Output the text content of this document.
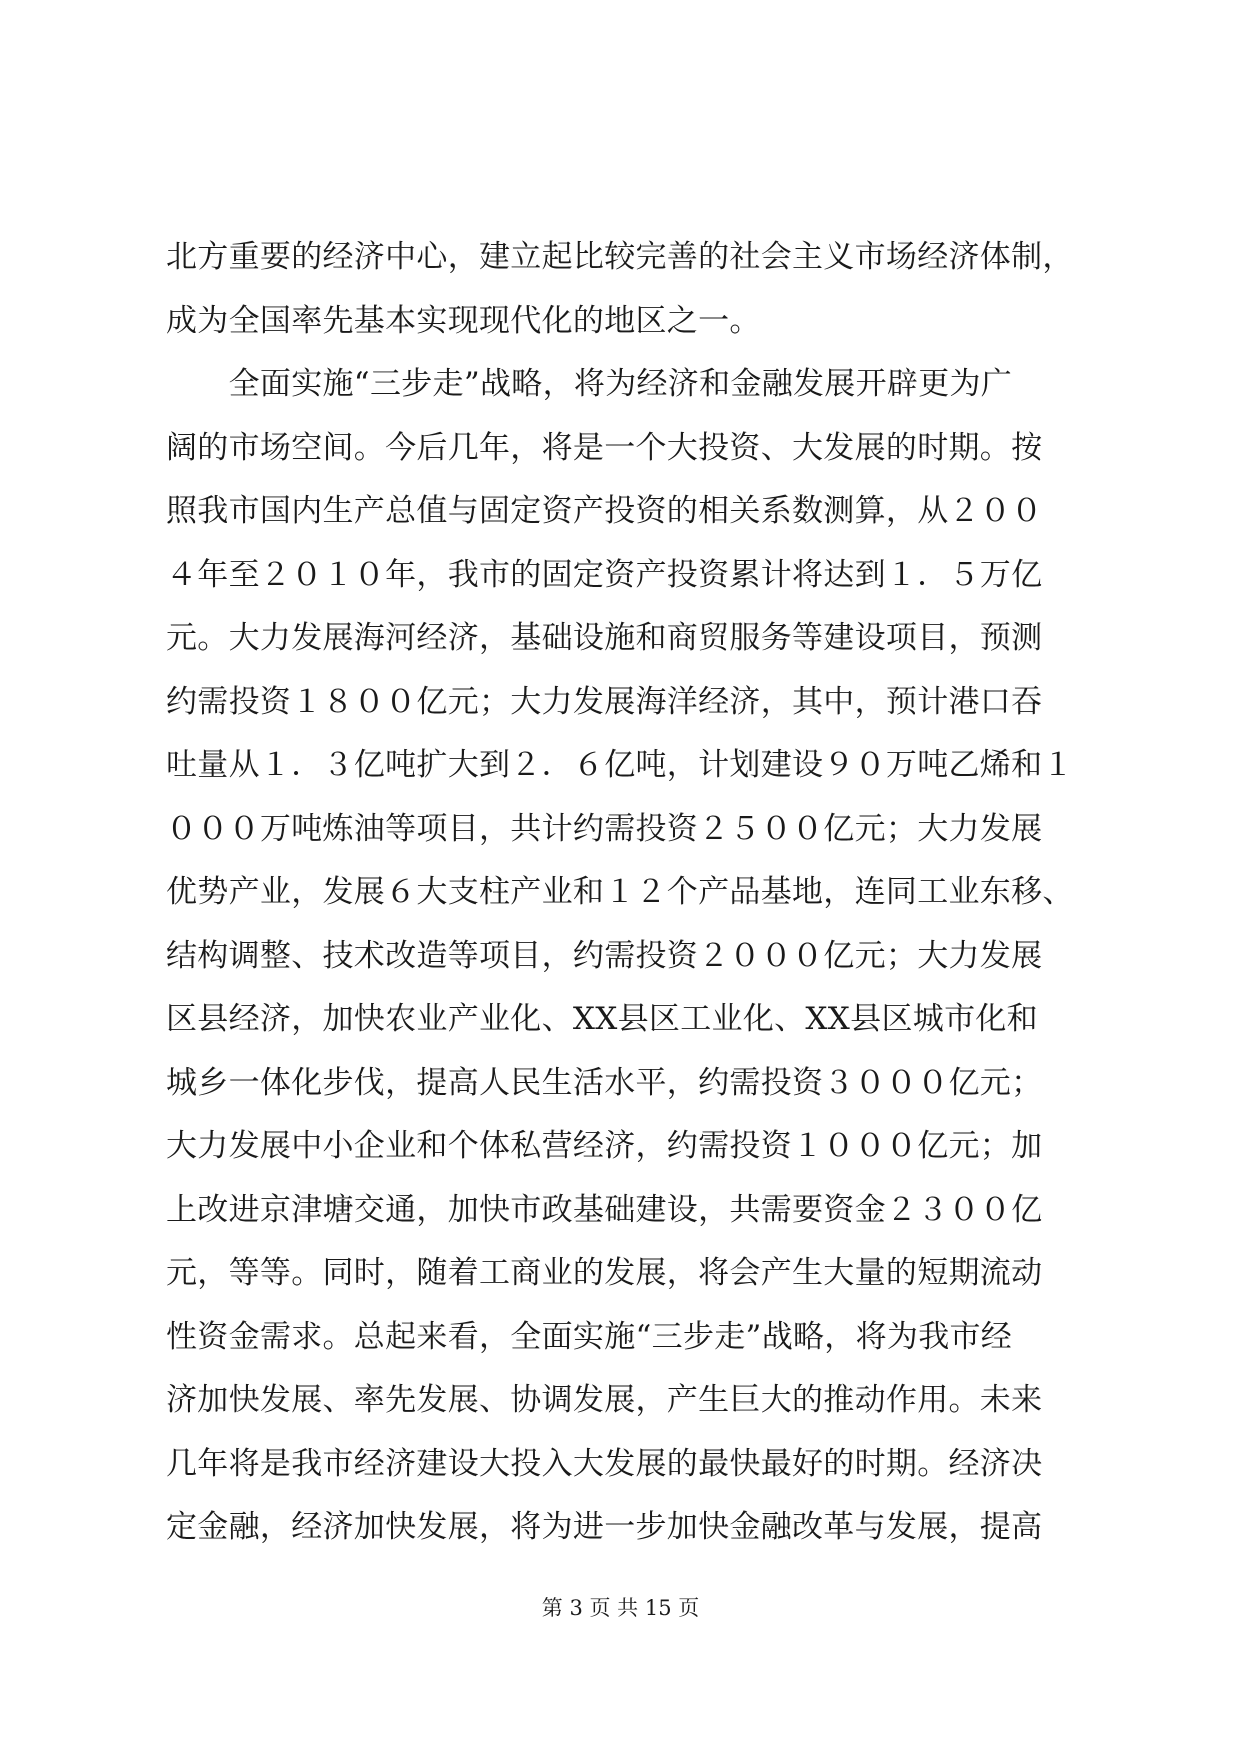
北方重要的经济中心，建立起比较完善的社会主义市场经济体制，
成为全国率先基本实现现代化的地区之一。
　　全面实施“三步走”战略，将为经济和金融发展开辟更为广
阔的市场空间。今后几年，将是一个大投资、大发展的时期。按
照我市国内生产总值与固定资产投资的相关系数测算，从２００
４年至２０１０年，我市的固定资产投资累计将达到１．５万亿
元。大力发展海河经济，基础设施和商贸服务等建设项目，预测
约需投资１８００亿元；大力发展海洋经济，其中，预计港口吞
吐量从１．３亿吨扩大到２．６亿吨，计划建设９０万吨乙烯和１
０００万吨炼油等项目，共计约需投资２５００亿元；大力发展
优势产业，发展６大支柱产业和１２个产品基地，连同工业东移、
结构调整、技术改造等项目，约需投资２０００亿元；大力发展
区县经济，加快农业产业化、XX县区工业化、XX县区城市化和
城乡一体化步伐，提高人民生活水平，约需投资３０００亿元；
大力发展中小企业和个体私营经济，约需投资１０００亿元；加
上改进京津塘交通，加快市政基础建设，共需要资金２３００亿
元，等等。同时，随着工商业的发展，将会产生大量的短期流动
性资金需求。总起来看，全面实施“三步走”战略，将为我市经
济加快发展、率先发展、协调发展，产生巨大的推动作用。未来
几年将是我市经济建设大投入大发展的最快最好的时期。经济决
定金融，经济加快发展，将为进一步加快金融改革与发展，提高
第 3 页 共 15 页
